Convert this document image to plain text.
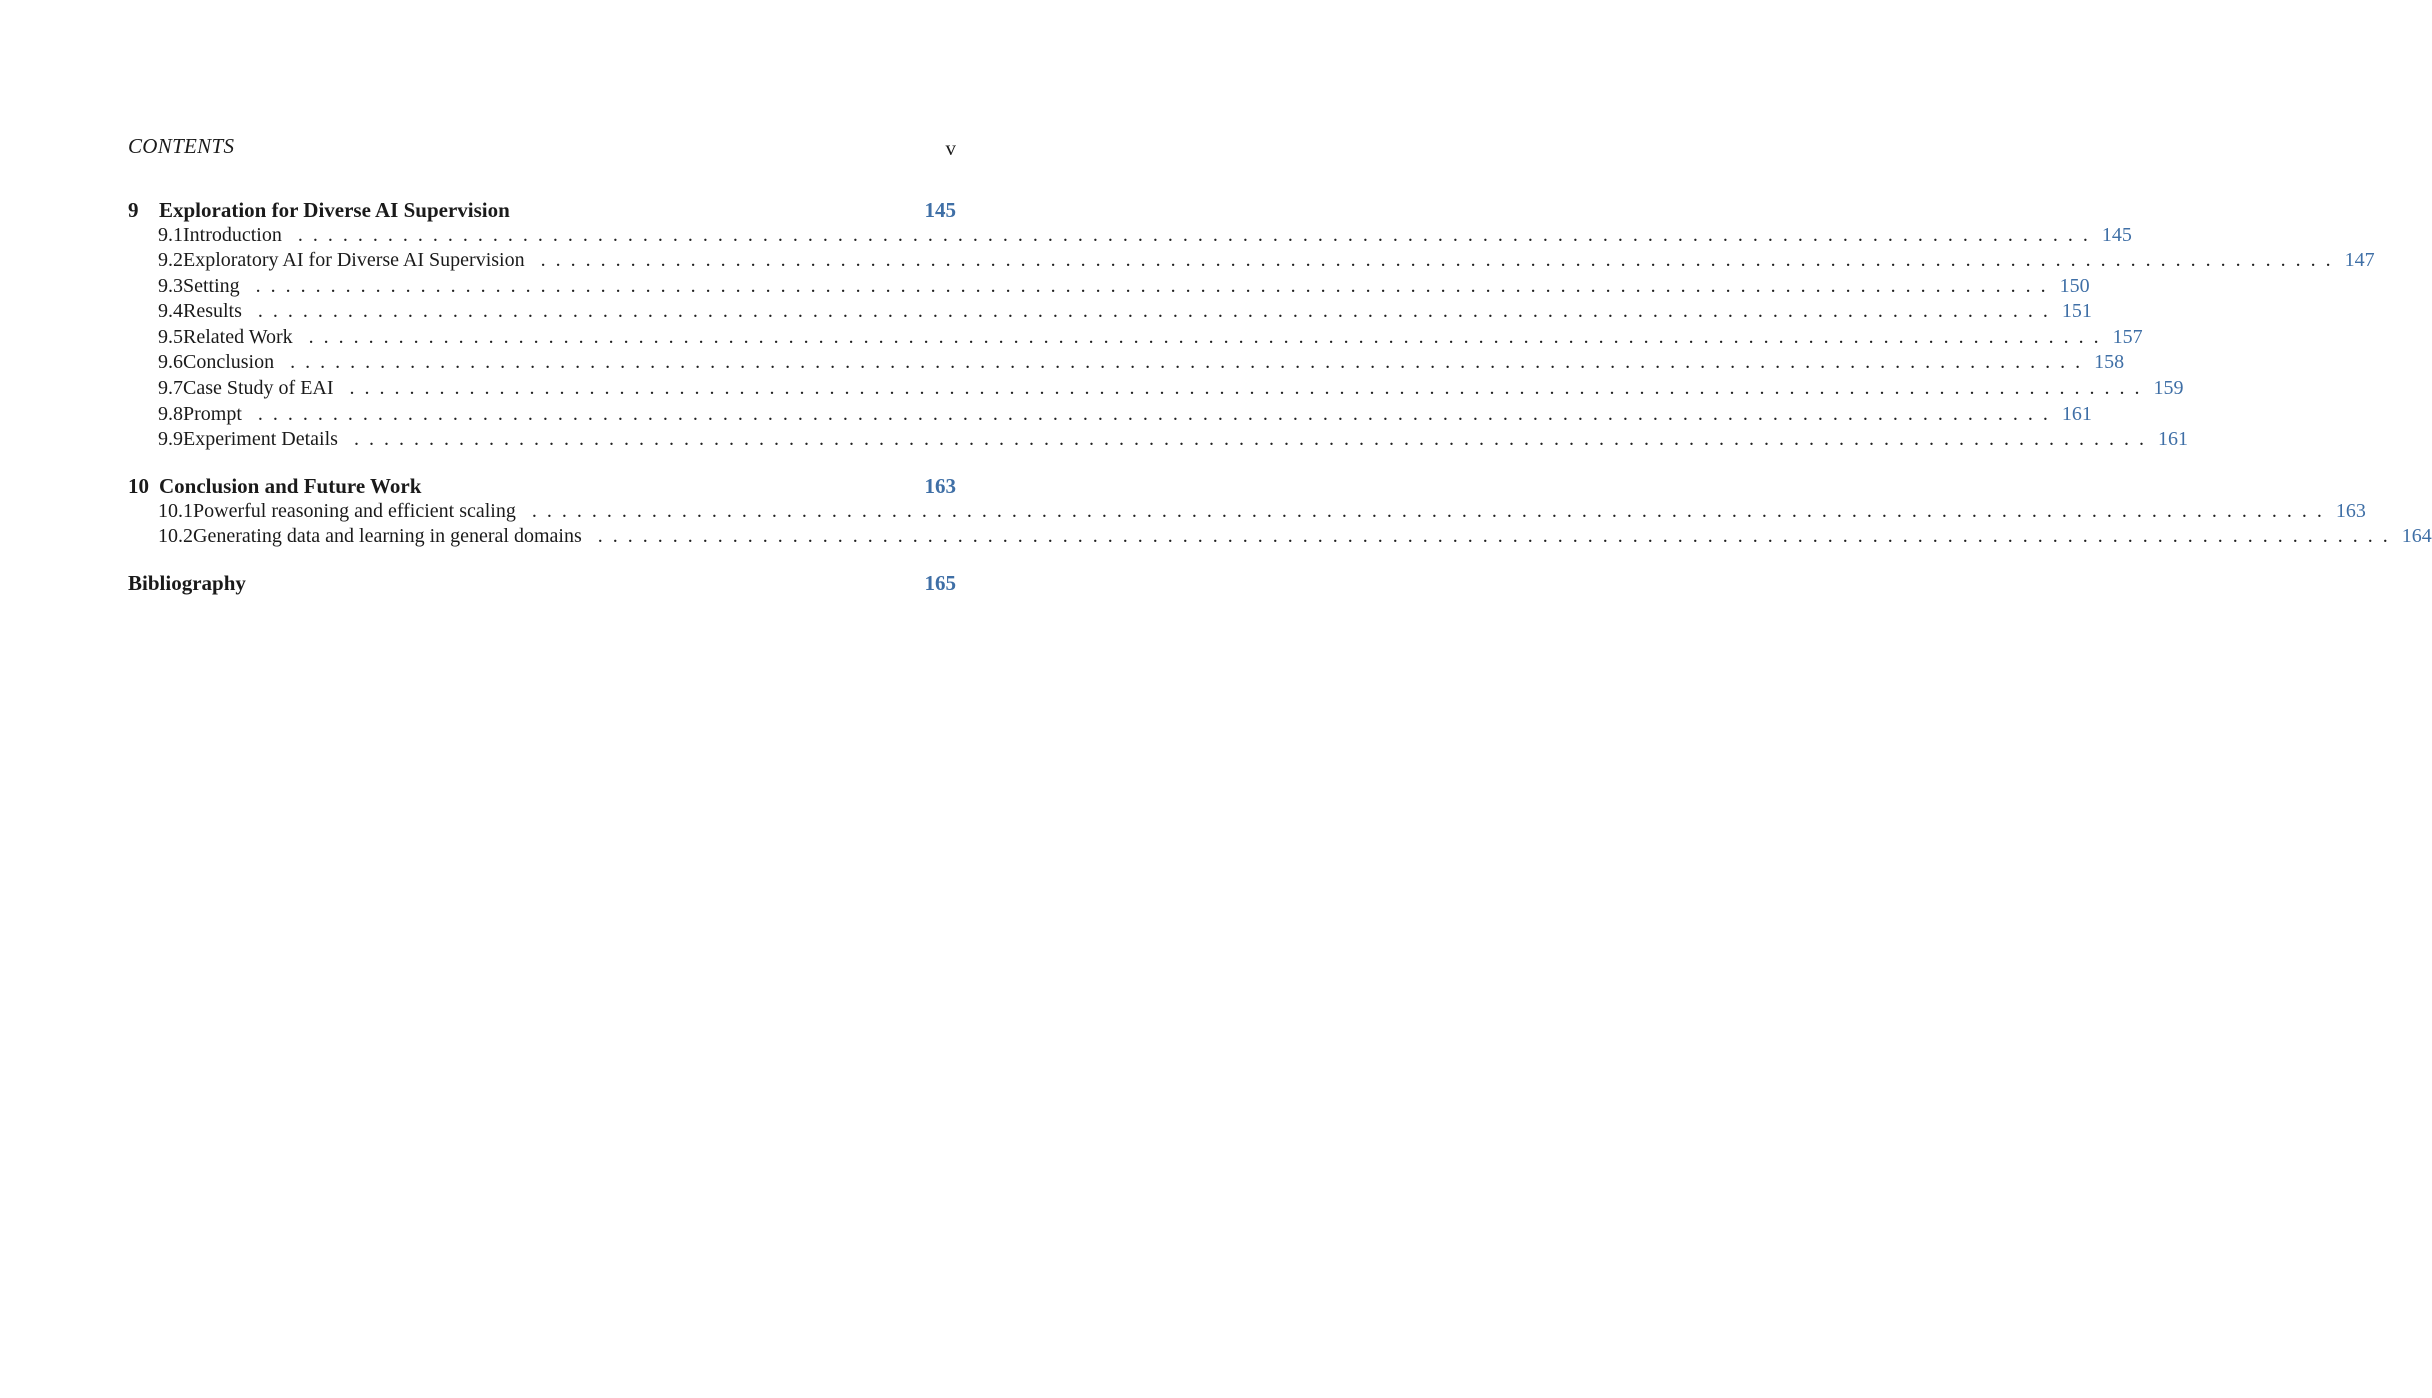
CONTENTS	v
9 Exploration for Diverse AI Supervision	145
9.1 Introduction . . . . . . . . . . . . . . . . . . . . . . . . . . . . . . . . . . . . . . . . . . . . . . . . . . . . . . . . . . . . . . . . . . . . . . . . . . . . . . . . . . . . . . . . . . . . . . . . . . . . . . . . . . . . . . . . . . . . . . . .  145
9.2 Exploratory AI for Diverse AI Supervision . . . . . . . . . . . . . . . . . . . . . . . . . . . . . . . . . . . . . . . . . . . . . . . . . . . . . . . . . . . . . . . . . . . . . . . . . . . . . . . . . . . . . . . . . . . . . . . . . . . . . . . . . . . . . . . . . . . . . . . .  147
9.3 Setting . . . . . . . . . . . . . . . . . . . . . . . . . . . . . . . . . . . . . . . . . . . . . . . . . . . . . . . . . . . . . . . . . . . . . . . . . . . . . . . . . . . . . . . . . . . . . . . . . . . . . . . . . . . . . . . . . . . . . . . .  150
9.4 Results . . . . . . . . . . . . . . . . . . . . . . . . . . . . . . . . . . . . . . . . . . . . . . . . . . . . . . . . . . . . . . . . . . . . . . . . . . . . . . . . . . . . . . . . . . . . . . . . . . . . . . . . . . . . . . . . . . . . . . . .  151
9.5 Related Work . . . . . . . . . . . . . . . . . . . . . . . . . . . . . . . . . . . . . . . . . . . . . . . . . . . . . . . . . . . . . . . . . . . . . . . . . . . . . . . . . . . . . . . . . . . . . . . . . . . . . . . . . . . . . . . . . . . . . . . .  157
9.6 Conclusion . . . . . . . . . . . . . . . . . . . . . . . . . . . . . . . . . . . . . . . . . . . . . . . . . . . . . . . . . . . . . . . . . . . . . . . . . . . . . . . . . . . . . . . . . . . . . . . . . . . . . . . . . . . . . . . . . . . . . . . .  158
9.7 Case Study of EAI . . . . . . . . . . . . . . . . . . . . . . . . . . . . . . . . . . . . . . . . . . . . . . . . . . . . . . . . . . . . . . . . . . . . . . . . . . . . . . . . . . . . . . . . . . . . . . . . . . . . . . . . . . . . . . . . . . . . . . . .  159
9.8 Prompt . . . . . . . . . . . . . . . . . . . . . . . . . . . . . . . . . . . . . . . . . . . . . . . . . . . . . . . . . . . . . . . . . . . . . . . . . . . . . . . . . . . . . . . . . . . . . . . . . . . . . . . . . . . . . . . . . . . . . . . .  161
9.9 Experiment Details . . . . . . . . . . . . . . . . . . . . . . . . . . . . . . . . . . . . . . . . . . . . . . . . . . . . . . . . . . . . . . . . . . . . . . . . . . . . . . . . . . . . . . . . . . . . . . . . . . . . . . . . . . . . . . . . . . . . . . . .  161
10 Conclusion and Future Work	163
10.1 Powerful reasoning and efficient scaling . . . . . . . . . . . . . . . . . . . . . . . . . . . . . . . . . . . . . . . . . . . . . . . . . . . . . . . . . . . . . . . . . . . . . . . . . . . . . . . . . . . . . . . . . . . . . . . . . . . . . . . . . . . . . . . . . . . . . . . .  163
10.2 Generating data and learning in general domains . . . . . . . . . . . . . . . . . . . . . . . . . . . . . . . . . . . . . . . . . . . . . . . . . . . . . . . . . . . . . . . . . . . . . . . . . . . . . . . . . . . . . . . . . . . . . . . . . . . . . . . . . . . . . . . . . . . . . . . .  164
Bibliography	165
